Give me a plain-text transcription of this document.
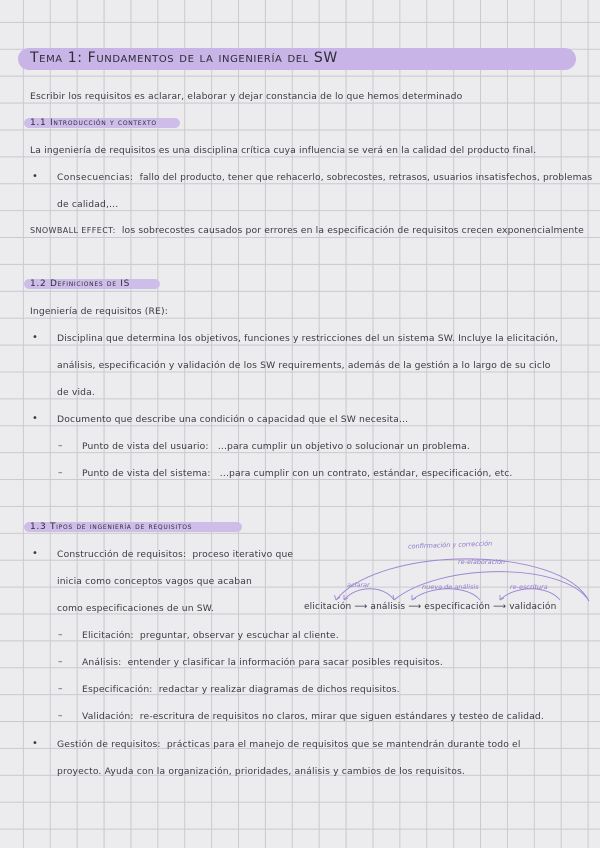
Tema 1: Fundamentos de la ingeniería del SW
Escribir los requisitos es aclarar, elaborar y dejar constancia de lo que hemos determinado
1.1 Introducción y contexto
La ingeniería de requisitos es una disciplina crítica cuya influencia se verá en la calidad del producto final.
• Consecuencias: fallo del producto, tener que rehacerlo, sobrecostes, retrasos, usuarios insatisfechos, problemas
de calidad,...
SNOWBALL EFFECT: los sobrecostes causados por errores en la especificación de requisitos crecen exponencialmente
1.2 Definiciones de IS
Ingeniería de requisitos (RE):
• Disciplina que determina los objetivos, funciones y restricciones del un sistema SW. Incluye la elicitación,
análisis, especificación y validación de los SW requirements, además de la gestión a lo largo de su ciclo
de vida.
• Documento que describe una condición o capacidad que el SW necesita...
– Punto de vista del usuario: ...para cumplir un objetivo o solucionar un problema.
– Punto de vista del sistema: ...para cumplir con un contrato, estándar, especificación, etc.
1.3 Tipos de ingeniería de requisitos
• Construcción de requisitos: proceso iterativo que
inicia como conceptos vagos que acaban
como especificaciones de un SW.	elicitación ⟶ análisis ⟶ especificación ⟶ validación
confirmación y corrección
re-elaboración
aclarar	nueva de análisis	re-escritura
– Elicitación: preguntar, observar y escuchar al cliente.
– Análisis: entender y clasificar la información para sacar posibles requisitos.
– Especificación: redactar y realizar diagramas de dichos requisitos.
– Validación: re-escritura de requisitos no claros, mirar que siguen estándares y testeo de calidad.
• Gestión de requisitos: prácticas para el manejo de requisitos que se mantendrán durante todo el
proyecto. Ayuda con la organización, prioridades, análisis y cambios de los requisitos.
